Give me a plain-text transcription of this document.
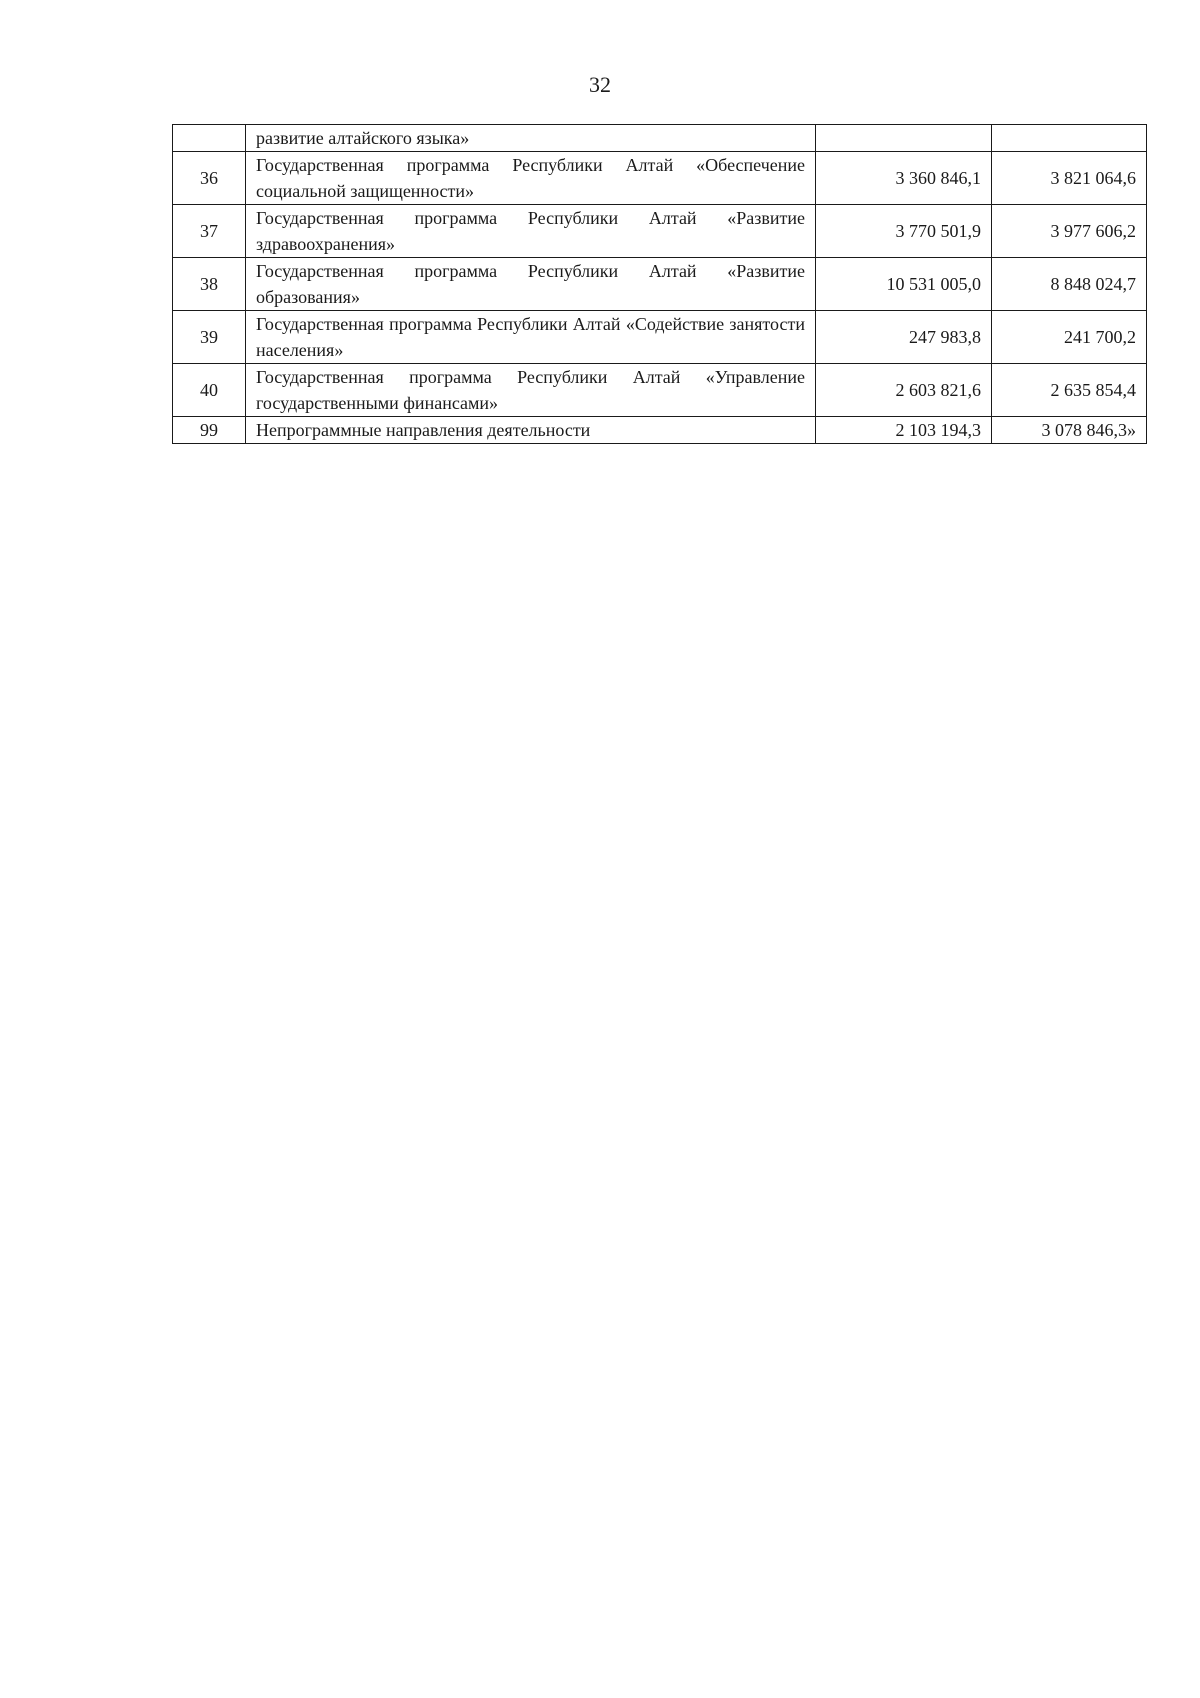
32
	развитие алтайского языка»		
36	Государственная программа Республики Алтай «Обеспечение социальной защищенности»	3 360 846,1	3 821 064,6
37	Государственная программа Республики Алтай «Развитие здравоохранения»	3 770 501,9	3 977 606,2
38	Государственная программа Республики Алтай «Развитие образования»	10 531 005,0	8 848 024,7
39	Государственная программа Республики Алтай «Содействие занятости населения»	247 983,8	241 700,2
40	Государственная программа Республики Алтай «Управление государственными финансами»	2 603 821,6	2 635 854,4
99	Непрограммные направления деятельности	2 103 194,3	3 078 846,3»
